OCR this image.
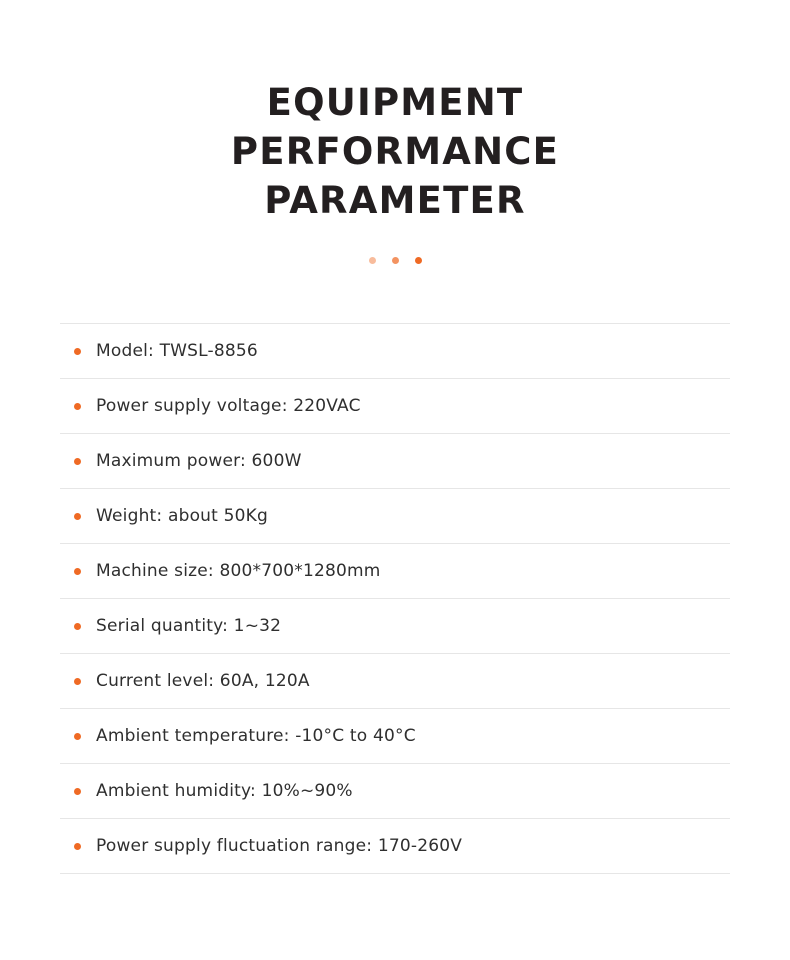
EQUIPMENT
PERFORMANCE
PARAMETER
Model: TWSL-8856
Power supply voltage: 220VAC
Maximum power: 600W
Weight: about 50Kg
Machine size: 800*700*1280mm
Serial quantity: 1~32
Current level: 60A, 120A
Ambient temperature: -10°C to 40°C
Ambient humidity: 10%~90%
Power supply fluctuation range: 170-260V
